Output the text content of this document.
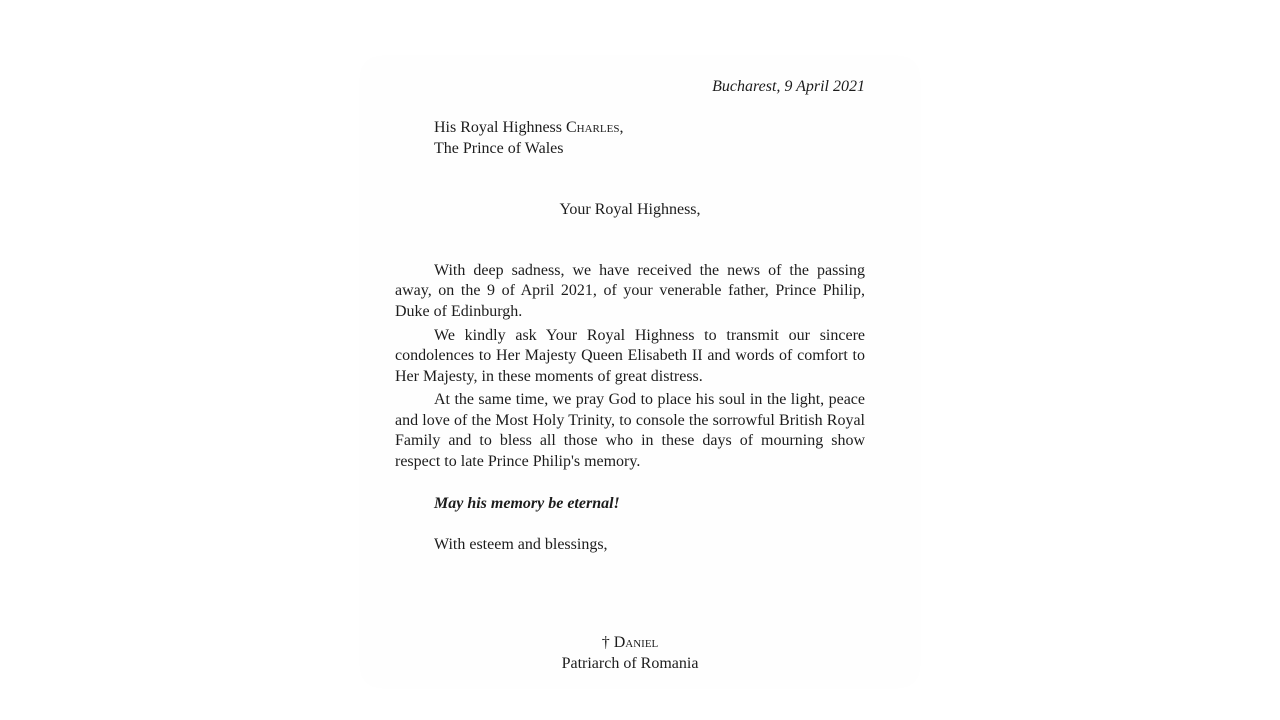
Bucharest, 9 April 2021
His Royal Highness Charles,
The Prince of Wales
Your Royal Highness,

With deep sadness, we have received the news of the passing away, on the 9 of April 2021, of your venerable father, Prince Philip, Duke of Edinburgh.

We kindly ask Your Royal Highness to transmit our sincere condolences to Her Majesty Queen Elisabeth II and words of comfort to Her Majesty, in these moments of great distress.

At the same time, we pray God to place his soul in the light, peace and love of the Most Holy Trinity, to console the sorrowful British Royal Family and to bless all those who in these days of mourning show respect to late Prince Philip's memory.

May his memory be eternal!
With esteem and blessings,
† Daniel
Patriarch of Romania
